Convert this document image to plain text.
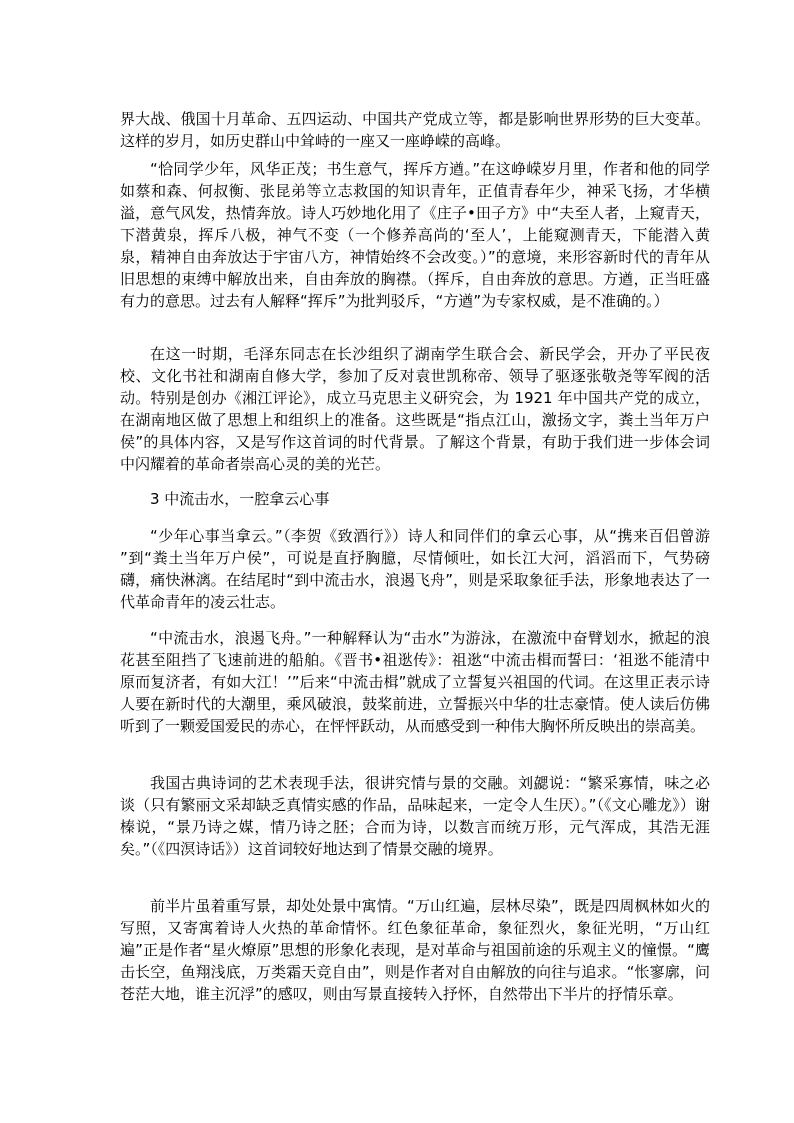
界大战、俄国十月革命、五四运动、中国共产党成立等，都是影响世界形势的巨大变革。这样的岁月，如历史群山中耸峙的一座又一座峥嵘的高峰。

“恰同学少年，风华正茂；书生意气，挥斥方遒。”在这峥嵘岁月里，作者和他的同学如蔡和森、何叔衡、张昆弟等立志救国的知识青年，正值青春年少，神采飞扬，才华横溢，意气风发，热情奔放。诗人巧妙地化用了《庄子•田子方》中“夫至人者，上窥青天，下潜黄泉，挥斥八极，神气不变（一个修养高尚的‘至人’，上能窥测青天，下能潜入黄泉，精神自由奔放达于宇宙八方，神情始终不会改变。）”的意境，来形容新时代的青年从旧思想的束缚中解放出来，自由奔放的胸襟。（挥斥，自由奔放的意思。方遒，正当旺盛有力的意思。过去有人解释“挥斥”为批判驳斥，“方遒”为专家权威，是不准确的。）

在这一时期，毛泽东同志在长沙组织了湖南学生联合会、新民学会，开办了平民夜校、文化书社和湖南自修大学，参加了反对袁世凯称帝、领导了驱逐张敬尧等军阀的活动。特别是创办《湘江评论》，成立马克思主义研究会，为 1921 年中国共产党的成立，在湖南地区做了思想上和组织上的准备。这些既是“指点江山，激扬文字，粪土当年万户侯”的具体内容，又是写作这首词的时代背景。了解这个背景，有助于我们进一步体会词中闪耀着的革命者崇高心灵的美的光芒。

3 中流击水，一腔拿云心事

“少年心事当拿云。”（李贺《致酒行》）诗人和同伴们的拿云心事，从“携来百侣曾游 ”到“粪土当年万户侯”，可说是直抒胸臆，尽情倾吐，如长江大河，滔滔而下，气势磅礴，痛快淋漓。在结尾时“到中流击水，浪遏飞舟”，则是采取象征手法，形象地表达了一代革命青年的凌云壮志。

“中流击水，浪遏飞舟。”一种解释认为“击水”为游泳，在激流中奋臂划水，掀起的浪花甚至阻挡了飞速前进的船舶。《晋书•祖逖传》：祖逖“中流击楫而誓曰：‘祖逖不能清中原而复济者，有如大江！’”后来“中流击楫”就成了立誓复兴祖国的代词。在这里正表示诗人要在新时代的大潮里，乘风破浪，鼓桨前进，立誓振兴中华的壮志豪情。使人读后仿佛听到了一颗爱国爱民的赤心，在怦怦跃动，从而感受到一种伟大胸怀所反映出的崇高美。

我国古典诗词的艺术表现手法，很讲究情与景的交融。刘勰说：“繁采寡情，味之必谈（只有繁丽文采却缺乏真情实感的作品，品味起来，一定令人生厌）。”（《文心雕龙》）谢榛说，“景乃诗之媒，情乃诗之胚；合而为诗，以数言而统万形，元气浑成，其浩无涯矣。”（《四溟诗话》）这首词较好地达到了情景交融的境界。

前半片虽着重写景，却处处景中寓情。“万山红遍，层林尽染”，既是四周枫林如火的写照，又寄寓着诗人火热的革命情怀。红色象征革命，象征烈火，象征光明，“万山红遍”正是作者“星火燎原”思想的形象化表现，是对革命与祖国前途的乐观主义的憧憬。“鹰击长空，鱼翔浅底，万类霜天竞自由”，则是作者对自由解放的向往与追求。“怅寥廓，问苍茫大地，谁主沉浮”的感叹，则由写景直接转入抒怀，自然带出下半片的抒情乐章。
